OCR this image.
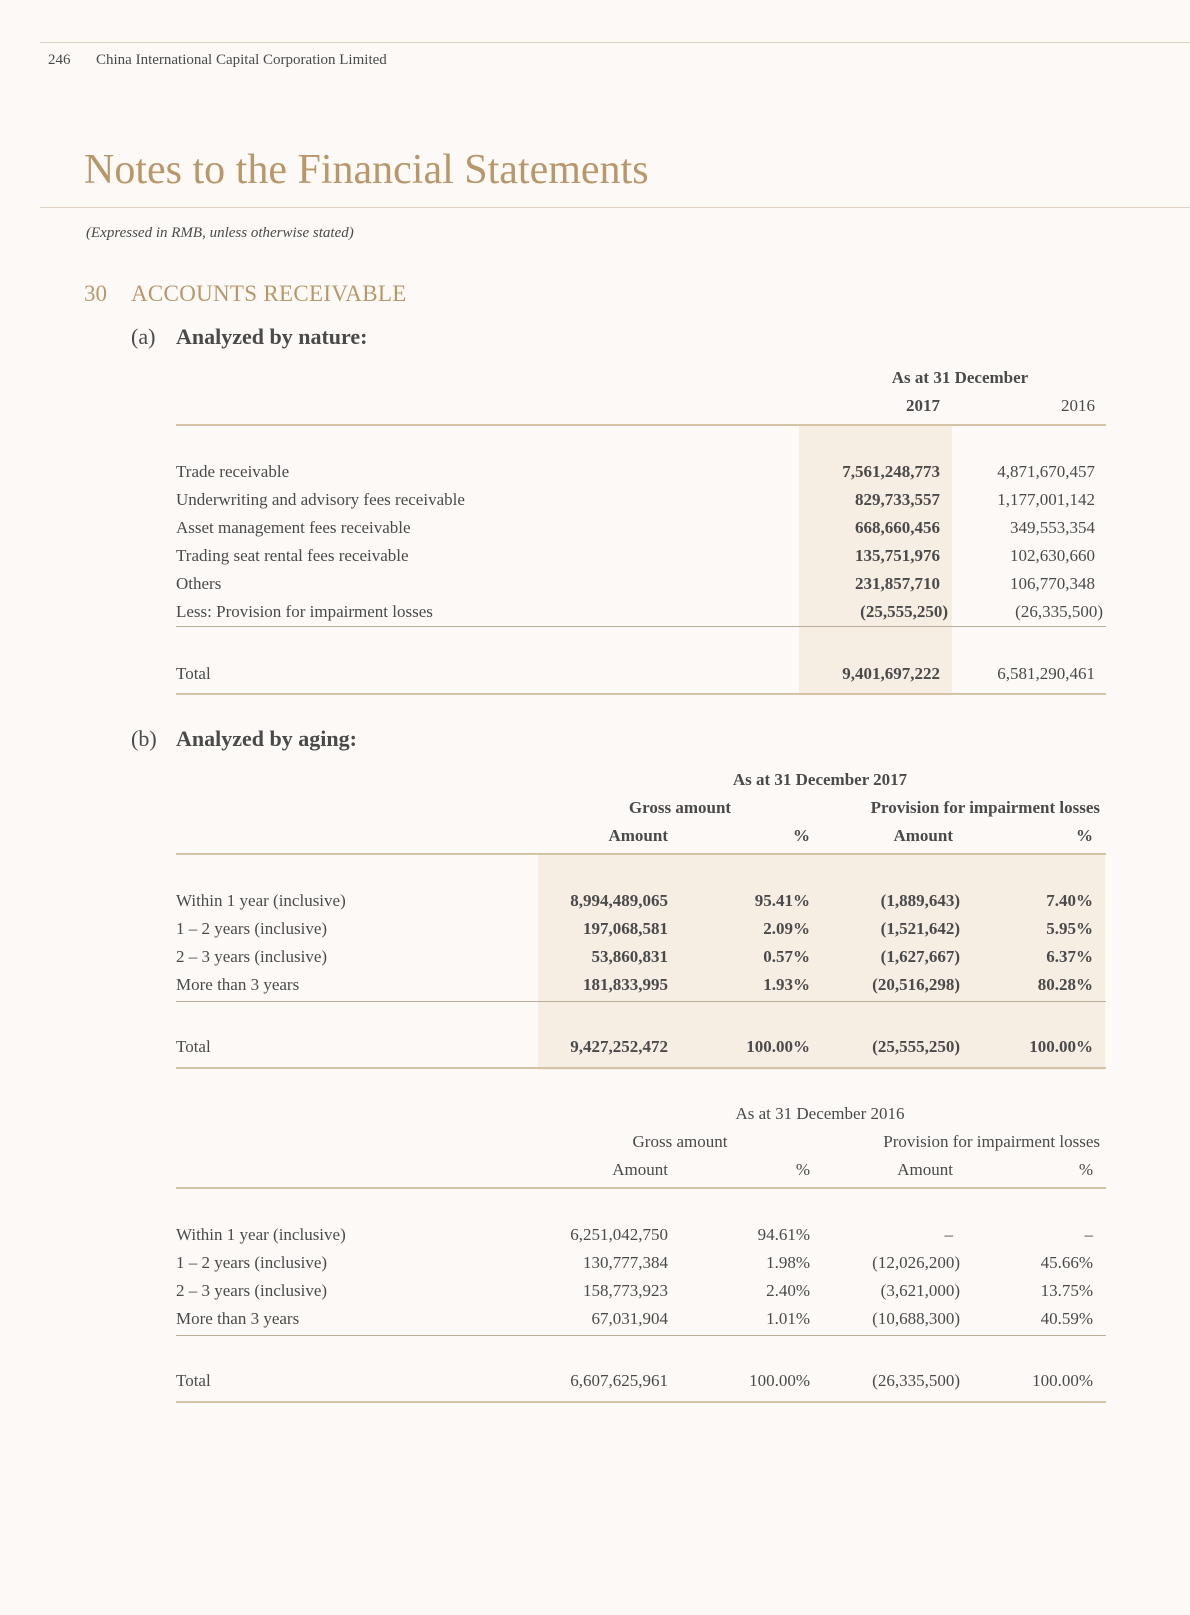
246 China International Capital Corporation Limited
Notes to the Financial Statements
(Expressed in RMB, unless otherwise stated)
30 ACCOUNTS RECEIVABLE
(a) Analyzed by nature:
As at 31 December
2017	2016
Trade receivable	7,561,248,773	4,871,670,457
Underwriting and advisory fees receivable	829,733,557	1,177,001,142
Asset management fees receivable	668,660,456	349,553,354
Trading seat rental fees receivable	135,751,976	102,630,660
Others	231,857,710	106,770,348
Less: Provision for impairment losses	(25,555,250)	(26,335,500)
Total	9,401,697,222	6,581,290,461
(b) Analyzed by aging:
As at 31 December 2017
Gross amount	Provision for impairment losses
Amount	%	Amount	%
Within 1 year (inclusive)	8,994,489,065	95.41%	(1,889,643)	7.40%
1 – 2 years (inclusive)	197,068,581	2.09%	(1,521,642)	5.95%
2 – 3 years (inclusive)	53,860,831	0.57%	(1,627,667)	6.37%
More than 3 years	181,833,995	1.93%	(20,516,298)	80.28%
Total	9,427,252,472	100.00%	(25,555,250)	100.00%
As at 31 December 2016
Gross amount	Provision for impairment losses
Amount	%	Amount	%
Within 1 year (inclusive)	6,251,042,750	94.61%	–	–
1 – 2 years (inclusive)	130,777,384	1.98%	(12,026,200)	45.66%
2 – 3 years (inclusive)	158,773,923	2.40%	(3,621,000)	13.75%
More than 3 years	67,031,904	1.01%	(10,688,300)	40.59%
Total	6,607,625,961	100.00%	(26,335,500)	100.00%
